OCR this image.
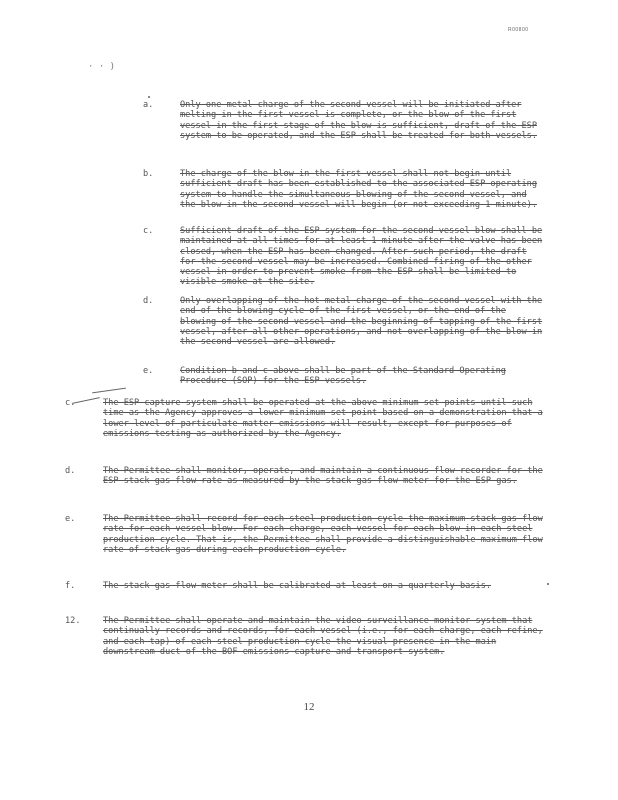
R00800
· · )
a.	Only one metal charge of the second vessel will be initiated after melting in the first vessel is complete, or the blow of the first vessel in the first stage of the blow is sufficient, draft of the ESP system to be operated, and the ESP shall be treated for both vessels.
b.	The charge of the blow in the first vessel shall not begin until sufficient draft has been established to the associated ESP operating system to handle the simultaneous blowing of the second vessel, and the blow in the second vessel will begin (or not exceeding 1 minute).
c.	Sufficient draft of the ESP system for the second vessel blow shall be maintained at all times for at least 1 minute after the valve has been closed, when the ESP has been changed. After such period, the draft for the second vessel may be increased. Combined firing of the other vessel in order to prevent smoke from the ESP shall be limited to visible smoke at the site.
d.	Only overlapping of the hot metal charge of the second vessel with the end of the blowing cycle of the first vessel, or the end of the blowing of the second vessel and the beginning of tapping of the first vessel, after all other operations, and not overlapping of the blow in the second vessel are allowed.
e.	Condition b and c above shall be part of the Standard Operating Procedure (SOP) for the ESP vessels.
c.	The ESP capture system shall be operated at the above minimum set points until such time as the Agency approves a lower minimum set point based on a demonstration that a lower level of particulate matter emissions will result, except for purposes of emissions testing as authorized by the Agency.
d.	The Permittee shall monitor, operate, and maintain a continuous flow recorder for the ESP stack gas flow rate as measured by the stack gas flow meter for the ESP gas.
e.	The Permittee shall record for each steel production cycle the maximum stack gas flow rate for each vessel blow. For each charge, each vessel for each blow in each steel production cycle. That is, the Permittee shall provide a distinguishable maximum flow rate of stack gas during each production cycle.
f.	The stack gas flow meter shall be calibrated at least on a quarterly basis.
12.	The Permittee shall operate and maintain the video surveillance monitor system that continually records and records, for each vessel (i.e., for each charge, each refine, and each tap) of each steel production cycle the visual presence in the main downstream duct of the BOF emissions capture and transport system.
12
